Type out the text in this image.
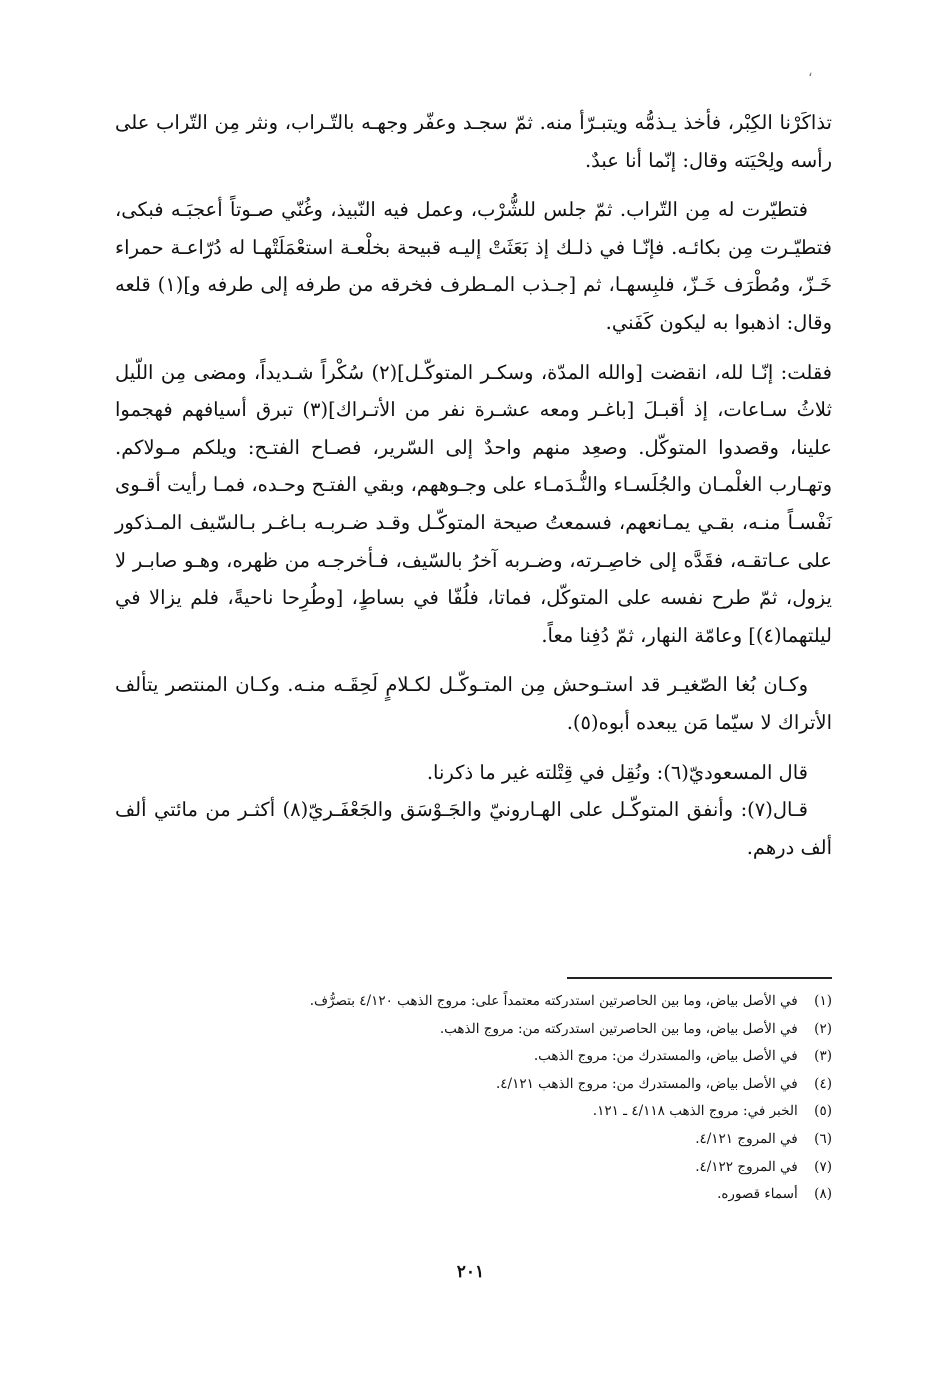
،

تذاكَرْنا الكِبْر، فأخذ يـذمُّه ويتبـرّأ منه. ثمّ سجـد وعفّر وجهـه بالتّـراب، ونثر مِن التّراب على رأسه ولِحْيَته وقال: إنّما أنا عبدٌ.

فتطيّرت له مِن التّراب. ثمّ جلس للشُّرْب، وعمل فيه النّبيذ، وغُنّي صـوتاً أعجبَـه فبكى، فتطيّـرت مِن بكائـه. فإنّـا في ذلـك إذ بَعَثَتْ إليـه قبيحة بخلْعـة استعْمَلَتْهـا له دُرّاعـة حمراء خَـزّ، ومُطْرَف خَـزّ، فلبِسهـا، ثم [جـذب المـطرف فخرقه من طرفه إلى طرفه و](١) قلعه وقال: اذهبوا به ليكون كَفَني.

فقلت: إنّـا لله، انقضت [والله المدّة، وسكـر المتوكّـل](٢) سُكْراً شـديداً، ومضى مِن اللّيل ثلاثُ سـاعات، إذ أقبـلَ [باغـر ومعه عشـرة نفر من الأتـراك](٣) تبرق أسيافهم فهجموا علينا، وقصدوا المتوكّل. وصعِد منهم واحدٌ إلى السّرير، فصـاح الفتـح: ويلكم مـولاكم. وتهـارب الغلْمـان والجُلَسـاء والنُّـدَمـاء على وجـوههم، وبقي الفتـح وحـده، فمـا رأيت أقـوى نَفْسـاً منـه، بقـي يمـانعهم، فسمعتُ صيحة المتوكّـل وقـد ضـربـه بـاغـر بـالسّيف المـذكور على عـاتقـه، فقَدَّه إلى خاصِـرته، وضـربه آخرُ بالسّيف، فـأخرجـه من ظهره، وهـو صابـر لا يزول، ثمّ طرح نفسه على المتوكّل، فماتا، فلُفّا في بساطٍ، [وطُرِحا ناحيةً، فلم يزالا في ليلتهما(٤)] وعامّة النهار، ثمّ دُفِنا معاً.

وكـان بُغا الصّغيـر قد استـوحش مِن المتـوكّـل لكـلامٍ لَحِقَـه منـه. وكـان المنتصر يتألف الأتراك لا سيّما مَن يبعده أبوه(٥).

قال المسعوديّ(٦): ونُقِل في قِتْلته غير ما ذكرنا.

قـال(٧): وأنفق المتوكّـل على الهـارونيّ والجَـوْسَق والجَعْفَـريّ(٨) أكثـر من مائتي ألف ألف درهم.

(١) في الأصل بياض، وما بين الحاصرتين استدركته معتمداً على: مروج الذهب ٤/١٢٠ بتصرُّف.
(٢) في الأصل بياض، وما بين الحاصرتين استدركته من: مروج الذهب.
(٣) في الأصل بياض، والمستدرك من: مروج الذهب.
(٤) في الأصل بياض، والمستدرك من: مروج الذهب ٤/١٢١.
(٥) الخبر في: مروج الذهب ٤/١١٨ ـ ١٢١.
(٦) في المروج ٤/١٢١.
(٧) في المروج ٤/١٢٢.
(٨) أسماء قصوره.
٢٠١
